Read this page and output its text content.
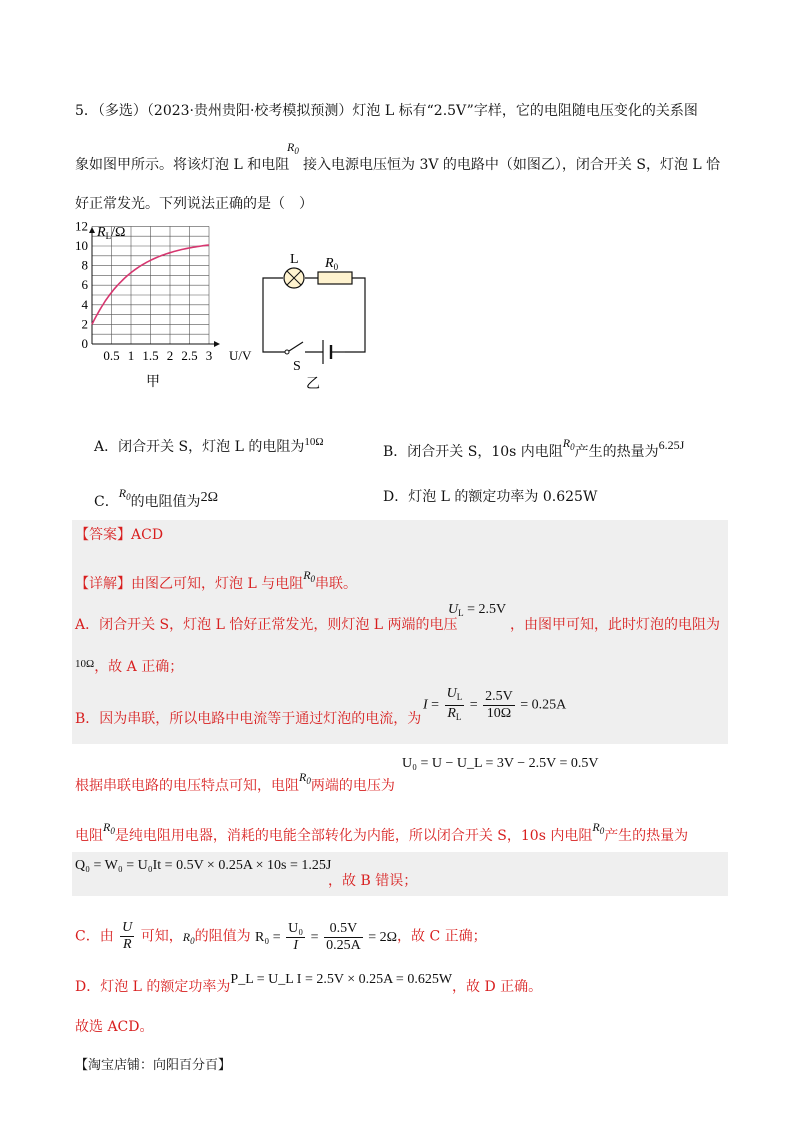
5．（多选）（2023·贵州贵阳·校考模拟预测）灯泡 L 标有“2.5V”字样，它的电阻随电压变化的关系图
象如图甲所示。将该灯泡 L 和电阻
$R_0$
接入电源电压恒为 3V 的电路中（如图乙），闭合开关 S，灯泡 L 恰
好正常发光。下列说法正确的是（　）
$R_L/\Omega$
12
10
8
6
4
2
0
0.5 1 1.5 2 2.5 3 U/V
甲
L $R_0$
S
乙
A．闭合开关 S，灯泡 L 的电阻为$^{10\Omega}$
B．闭合开关 S，10s 内电阻$R_0$产生的热量为6.25J
C．$R_0$的电阻值为2Ω	D．灯泡 L 的额定功率为 0.625W
【答案】ACD
【详解】由图乙可知，灯泡 L 与电阻$R_0$串联。
A．闭合开关 S，灯泡 L 恰好正常发光，则灯泡 L 两端的电压
$U_L = 2.5V$
，由图甲可知，此时灯泡的电阻为
$^{10\Omega}$，故 A 正确；
B．因为串联，所以电路中电流等于通过灯泡的电流，为
$I = \frac{U_L}{R_L} = \frac{2.5V}{10\Omega} = 0.25A$
根据串联电路的电压特点可知，电阻$R_0$两端的电压为
U₀ = U − U_L = 3V − 2.5V = 0.5V
电阻$R_0$是纯电阻用电器，消耗的电能全部转化为内能，所以闭合开关 S，10s 内电阻$R_0$产生的热量为
Q₀ = W₀ = U₀It = 0.5V × 0.25A × 10s = 1.25J
，故 B 错误；
C．由 $\frac{U}{R}$ 可知，$R_0$的阻值为 $R_0 = \frac{\text{U₀}}{I} = \frac{0.5V}{0.25A} = 2\Omega$，故 C 正确；
D．灯泡 L 的额定功率为P_L = U_L I = 2.5V × 0.25A = 0.625W，故 D 正确。
故选 ACD。
【淘宝店铺：向阳百分百】
